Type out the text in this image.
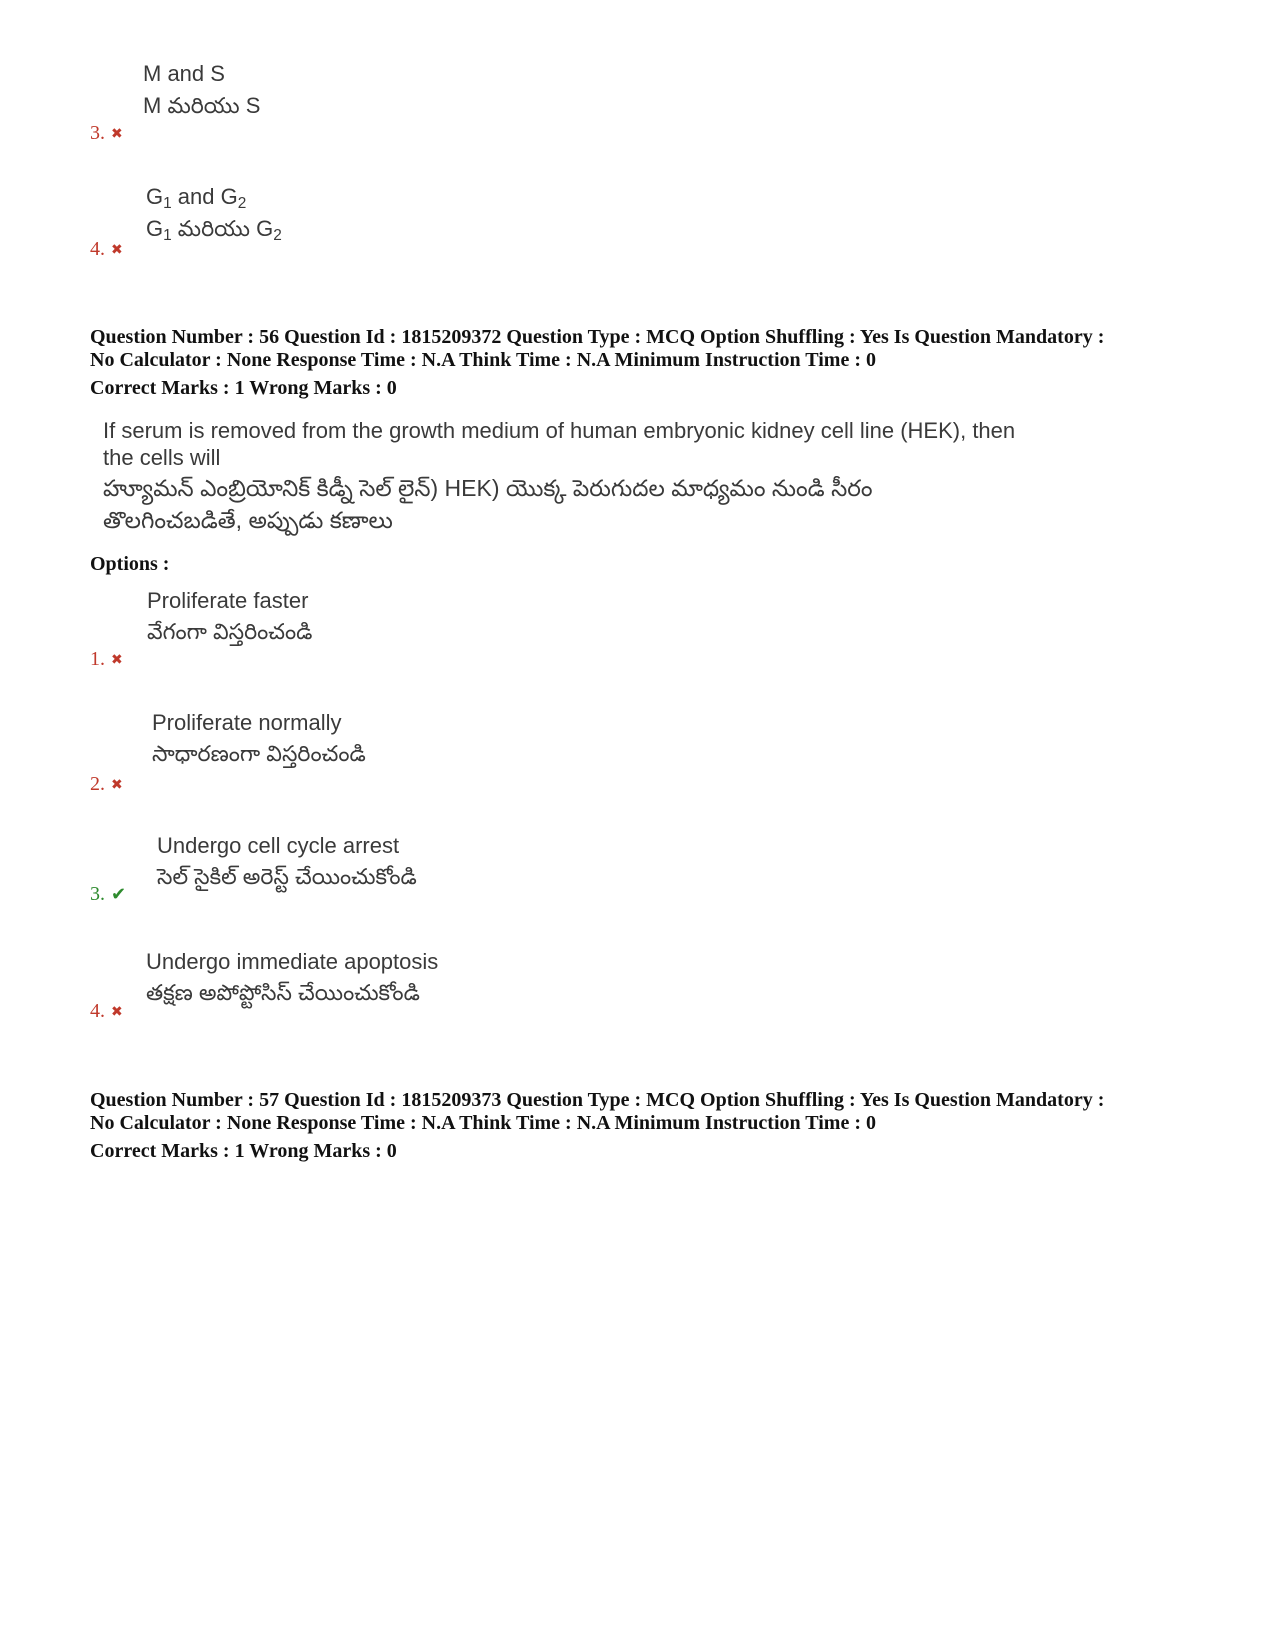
M and S
M మరియు S
3. ✖
$G_1$ and $G_2$
$G_1$ మరియు $G_2$
4. ✖
Question Number : 56 Question Id : 1815209372 Question Type : MCQ Option Shuffling : Yes Is Question Mandatory :
No Calculator : None Response Time : N.A Think Time : N.A Minimum Instruction Time : 0
Correct Marks : 1 Wrong Marks : 0
If serum is removed from the growth medium of human embryonic kidney cell line (HEK), then
the cells will
హ్యూమన్ ఎంబ్రియోనిక్ కిడ్నీ సెల్ లైన్) HEK) యొక్క పెరుగుదల మాధ్యమం నుండి సీరం
తొలగించబడితే, అప్పుడు కణాలు
Options :
Proliferate faster
వేగంగా విస్తరించండి
1. ✖
Proliferate normally
సాధారణంగా విస్తరించండి
2. ✖
Undergo cell cycle arrest
సెల్ సైకిల్ అరెస్ట్ చేయించుకోండి
3. ✔
Undergo immediate apoptosis
తక్షణ అపోప్టోసిస్ చేయించుకోండి
4. ✖
Question Number : 57 Question Id : 1815209373 Question Type : MCQ Option Shuffling : Yes Is Question Mandatory :
No Calculator : None Response Time : N.A Think Time : N.A Minimum Instruction Time : 0
Correct Marks : 1 Wrong Marks : 0
